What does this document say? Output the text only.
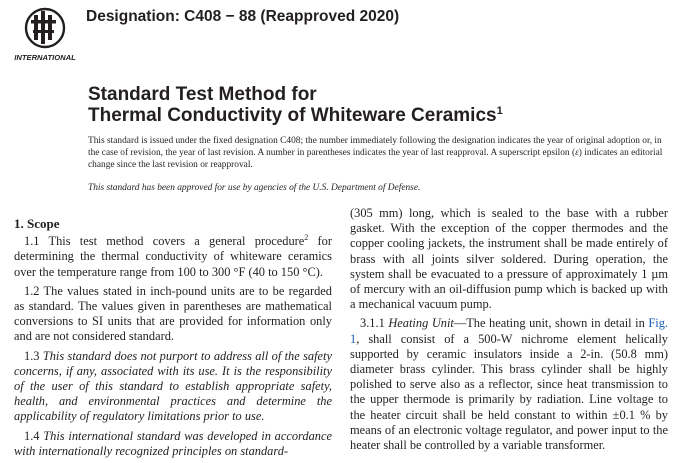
INTERNATIONAL
Designation: C408 − 88 (Reapproved 2020)
Standard Test Method for
Thermal Conductivity of Whiteware Ceramics$^1$
This standard is issued under the fixed designation C408; the number immediately following the designation indicates the year of original adoption or, in the case of revision, the year of last revision. A number in parentheses indicates the year of last reapproval. A superscript epsilon (ε) indicates an editorial change since the last revision or reapproval.
This standard has been approved for use by agencies of the U.S. Department of Defense.
1. Scope

1.1 This test method covers a general procedure$^2$ for determining the thermal conductivity of whiteware ceramics over the temperature range from 100 to 300 °F (40 to 150 °C).

1.2 The values stated in inch-pound units are to be regarded as standard. The values given in parentheses are mathematical conversions to SI units that are provided for information only and are not considered standard.

1.3 This standard does not purport to address all of the safety concerns, if any, associated with its use. It is the responsibility of the user of this standard to establish appropriate safety, health, and environmental practices and determine the applicability of regulatory limitations prior to use.

1.4 This international standard was developed in accordance with internationally recognized principles on standard-

(305 mm) long, which is sealed to the base with a rubber gasket. With the exception of the copper thermodes and the copper cooling jackets, the instrument shall be made entirely of brass with all joints silver soldered. During operation, the system shall be evacuated to a pressure of approximately 1 µm of mercury with an oil-diffusion pump which is backed up with a mechanical vacuum pump.

3.1.1 Heating Unit—The heating unit, shown in detail in Fig. 1, shall consist of a 500-W nichrome element helically supported by ceramic insulators inside a 2-in. (50.8 mm) diameter brass cylinder. This brass cylinder shall be highly polished to serve also as a reflector, since heat transmission to the upper thermode is primarily by radiation. Line voltage to the heater circuit shall be held constant to within ±0.1 % by means of an electronic voltage regulator, and power input to the heater shall be controlled by a variable transformer.
